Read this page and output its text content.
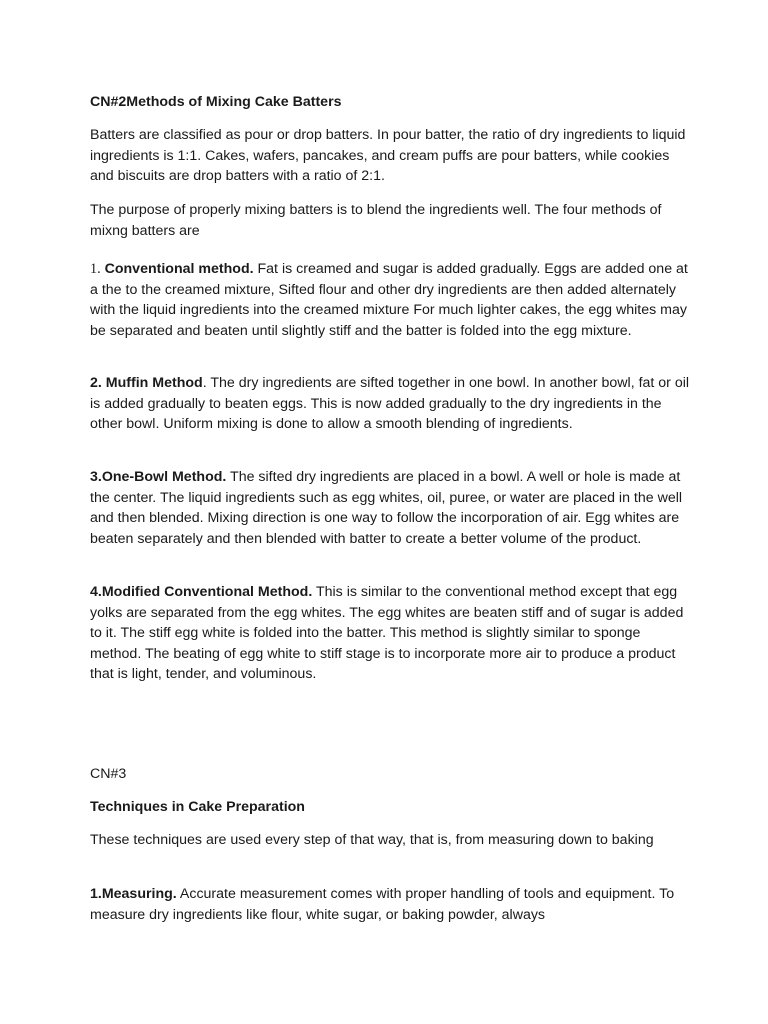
CN#2Methods of Mixing Cake Batters

Batters are classified as pour or drop batters. In pour batter, the ratio of dry ingredients to liquid ingredients is 1:1. Cakes, wafers, pancakes, and cream puffs are pour batters, while cookies and biscuits are drop batters with a ratio of 2:1.

The purpose of properly mixing batters is to blend the ingredients well. The four methods of mixng batters are

1. Conventional method. Fat is creamed and sugar is added gradually. Eggs are added one at a the to the creamed mixture, Sifted flour and other dry ingredients are then added alternately with the liquid ingredients into the creamed mixture For much lighter cakes, the egg whites may be separated and beaten until slightly stiff and the batter is folded into the egg mixture.

2. Muffin Method. The dry ingredients are sifted together in one bowl. In another bowl, fat or oil is added gradually to beaten eggs. This is now added gradually to the dry ingredients in the other bowl. Uniform mixing is done to allow a smooth blending of ingredients.

3.One-Bowl Method. The sifted dry ingredients are placed in a bowl. A well or hole is made at the center. The liquid ingredients such as egg whites, oil, puree, or water are placed in the well and then blended. Mixing direction is one way to follow the incorporation of air. Egg whites are beaten separately and then blended with batter to create a better volume of the product.

4.Modified Conventional Method. This is similar to the conventional method except that egg yolks are separated from the egg whites. The egg whites are beaten stiff and of sugar is added to it. The stiff egg white is folded into the batter. This method is slightly similar to sponge method. The beating of egg white to stiff stage is to incorporate more air to produce a product that is light, tender, and voluminous.

CN#3

Techniques in Cake Preparation

These techniques are used every step of that way, that is, from measuring down to baking

1.Measuring. Accurate measurement comes with proper handling of tools and equipment. To measure dry ingredients like flour, white sugar, or baking powder, always
